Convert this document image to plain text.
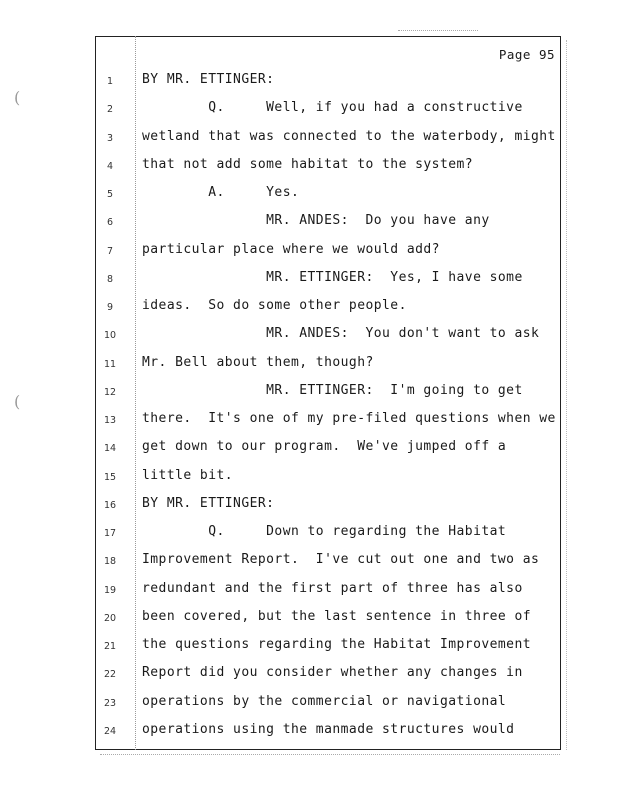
(
(
Page 95
1	BY MR. ETTINGER:
2	Q.     Well, if you had a constructive
3	wetland that was connected to the waterbody, might
4	that not add some habitat to the system?
5	A.     Yes.
6	MR. ANDES:  Do you have any
7	particular place where we would add?
8	MR. ETTINGER:  Yes, I have some
9	ideas.  So do some other people.
10	MR. ANDES:  You don't want to ask
11	Mr. Bell about them, though?
12	MR. ETTINGER:  I'm going to get
13	there.  It's one of my pre-filed questions when we
14	get down to our program.  We've jumped off a
15	little bit.
16	BY MR. ETTINGER:
17	Q.     Down to regarding the Habitat
18	Improvement Report.  I've cut out one and two as
19	redundant and the first part of three has also
20	been covered, but the last sentence in three of
21	the questions regarding the Habitat Improvement
22	Report did you consider whether any changes in
23	operations by the commercial or navigational
24	operations using the manmade structures would
